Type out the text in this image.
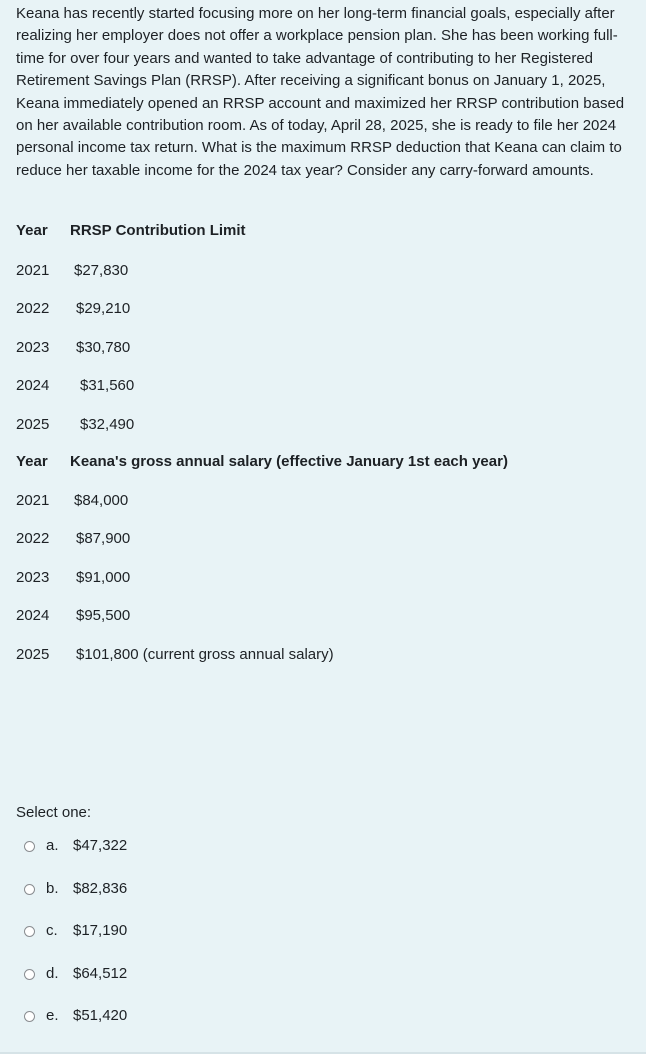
Keana has recently started focusing more on her long-term financial goals, especially after realizing her employer does not offer a workplace pension plan. She has been working full-time for over four years and wanted to take advantage of contributing to her Registered Retirement Savings Plan (RRSP). After receiving a significant bonus on January 1, 2025, Keana immediately opened an RRSP account and maximized her RRSP contribution based on her available contribution room. As of today, April 28, 2025, she is ready to file her 2024 personal income tax return. What is the maximum RRSP deduction that Keana can claim to reduce her taxable income for the 2024 tax year? Consider any carry-forward amounts.

Year RRSP Contribution Limit
2021 $27,830
2022 $29,210
2023 $30,780
2024 $31,560
2025 $32,490
Year Keana's gross annual salary (effective January 1st each year)
2021 $84,000
2022 $87,900
2023 $91,000
2024 $95,500
2025 $101,800 (current gross annual salary)
Select one:
a. $47,322
b. $82,836
c. $17,190
d. $64,512
e. $51,420
